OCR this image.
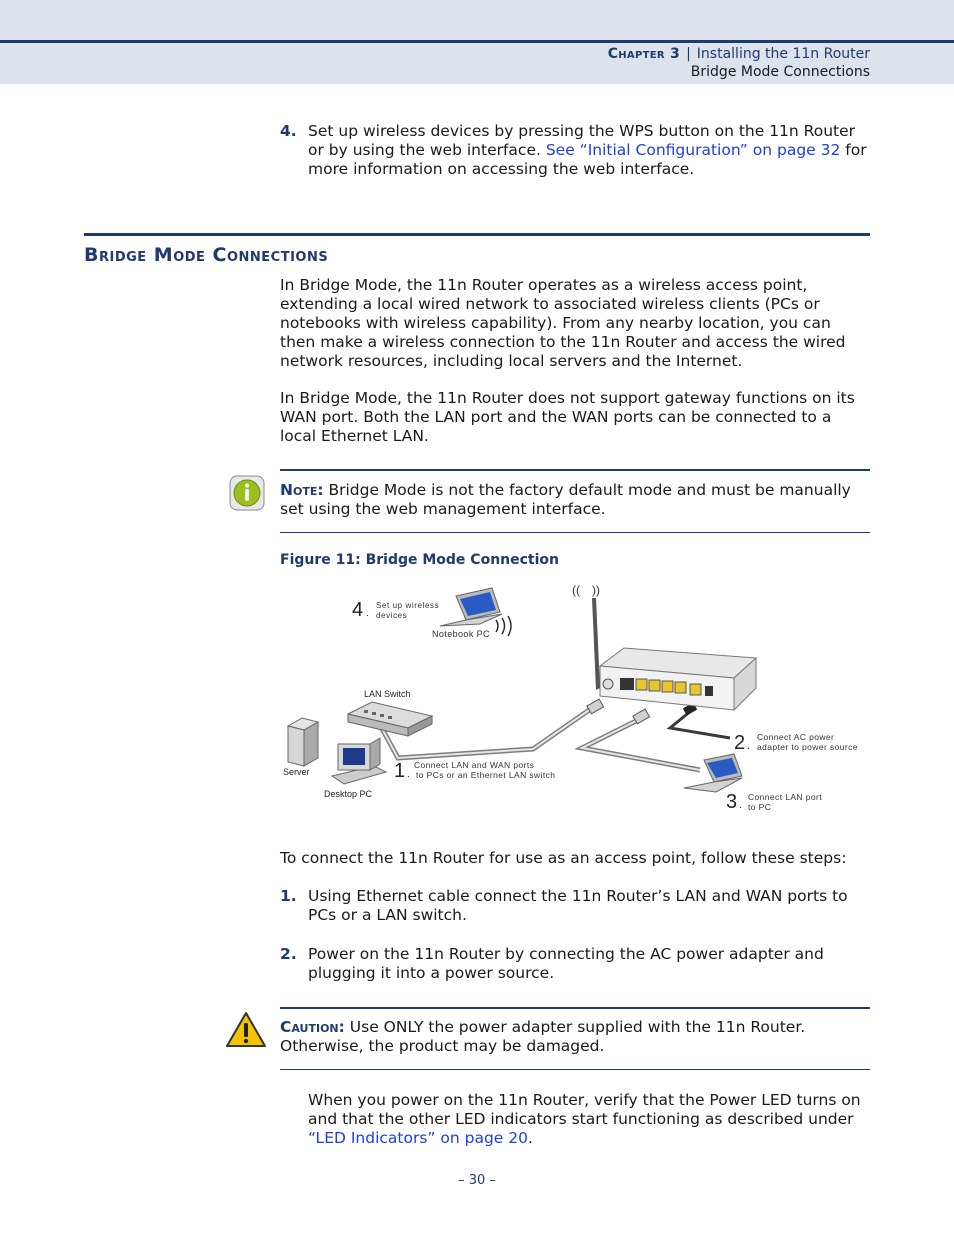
Chapter 3 | Installing the 11n Router
Bridge Mode Connections
4. Set up wireless devices by pressing the WPS button on the 11n Router or by using the web interface. See “Initial Configuration” on page 32 for more information on accessing the web interface.
Bridge Mode Connections
In Bridge Mode, the 11n Router operates as a wireless access point, extending a local wired network to associated wireless clients (PCs or notebooks with wireless capability). From any nearby location, you can then make a wireless connection to the 11n Router and access the wired network resources, including local servers and the Internet.
In Bridge Mode, the 11n Router does not support gateway functions on its WAN port. Both the LAN port and the WAN ports can be connected to a local Ethernet LAN.
Note: Bridge Mode is not the factory default mode and must be manually set using the web management interface.
Figure 11: Bridge Mode Connection
(( ))
4 .
Set up wireless
devices
Notebook PC
LAN Switch
Server
Desktop PC
1 .
Connect LAN and WAN ports
to PCs or an Ethernet LAN switch
2 .
Connect AC power
adapter to power source
3 .
Connect LAN port
to PC
To connect the 11n Router for use as an access point, follow these steps:
1. Using Ethernet cable connect the 11n Router’s LAN and WAN ports to PCs or a LAN switch.
2. Power on the 11n Router by connecting the AC power adapter and plugging it into a power source.
Caution: Use ONLY the power adapter supplied with the 11n Router. Otherwise, the product may be damaged.
When you power on the 11n Router, verify that the Power LED turns on and that the other LED indicators start functioning as described under “LED Indicators” on page 20.
– 30 –
